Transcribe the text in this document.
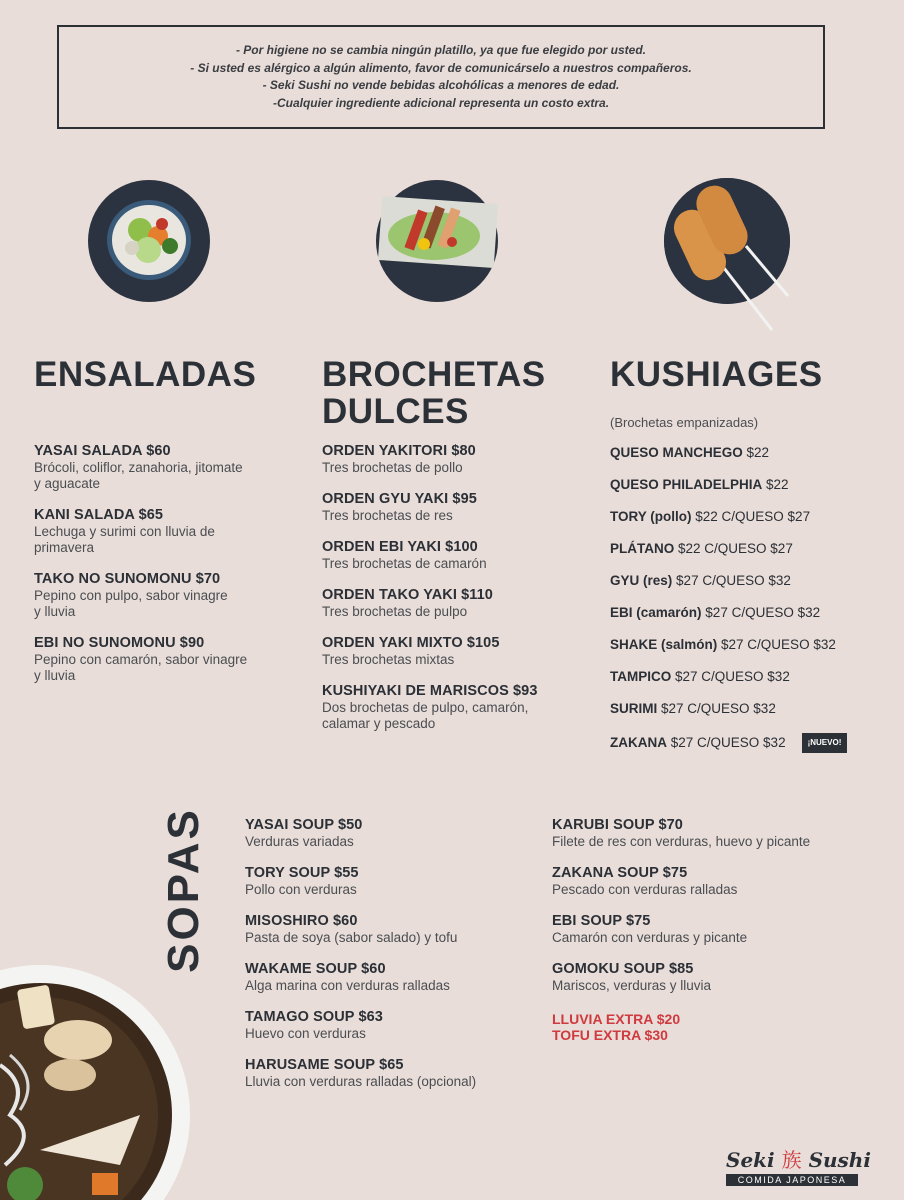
- Por higiene no se cambia ningún platillo, ya que fue elegido por usted.
- Si usted es alérgico a algún alimento, favor de comunicárselo a nuestros compañeros.
- Seki Sushi no vende bebidas alcohólicas a menores de edad.
-Cualquier ingrediente adicional representa un costo extra.
ENSALADAS BROCHETAS
DULCES
KUSHIAGES
YASAI SALADA $60
Brócoli, coliflor, zanahoria, jitomate
y aguacate
KANI SALADA $65
Lechuga y surimi con lluvia de
primavera
TAKO NO SUNOMONU $70
Pepino con pulpo, sabor vinagre
y lluvia
EBI NO SUNOMONU $90
Pepino con camarón, sabor vinagre
y lluvia
ORDEN YAKITORI $80
Tres brochetas de pollo
ORDEN GYU YAKI $95
Tres brochetas de res
ORDEN EBI YAKI $100
Tres brochetas de camarón
ORDEN TAKO YAKI $110
Tres brochetas de pulpo
ORDEN YAKI MIXTO $105
Tres brochetas mixtas
KUSHIYAKI DE MARISCOS $93
Dos brochetas de pulpo, camarón,
calamar y pescado
(Brochetas empanizadas)
QUESO MANCHEGO $22
QUESO PHILADELPHIA $22
TORY (pollo) $22 C/QUESO $27
PLÁTANO $22 C/QUESO $27
GYU (res) $27 C/QUESO $32
EBI (camarón) $27 C/QUESO $32
SHAKE (salmón) $27 C/QUESO $32
TAMPICO $27 C/QUESO $32
SURIMI $27 C/QUESO $32
ZAKANA $27 C/QUESO $32	¡NUEVO!
SOPAS	YASAI SOUP $50
Verduras variadas
TORY SOUP $55
Pollo con verduras
MISOSHIRO $60
Pasta de soya (sabor salado) y tofu
WAKAME SOUP $60
Alga marina con verduras ralladas
TAMAGO SOUP $63
Huevo con verduras
HARUSAME SOUP $65
Lluvia con verduras ralladas (opcional)
KARUBI SOUP $70
Filete de res con verduras, huevo y picante
ZAKANA SOUP $75
Pescado con verduras ralladas
EBI SOUP $75
Camarón con verduras y picante
GOMOKU SOUP $85
Mariscos, verduras y lluvia
LLUVIA EXTRA $20
TOFU EXTRA $30
Seki 族 Sushi
COMIDA JAPONESA
